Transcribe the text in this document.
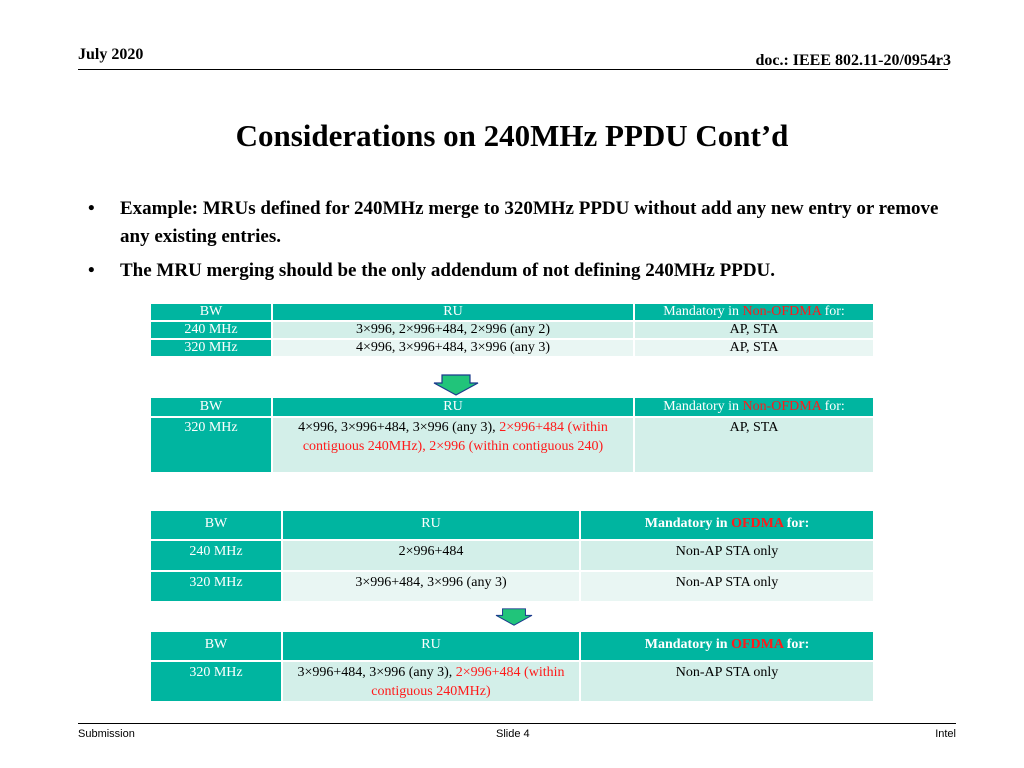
July 2020	doc.: IEEE 802.11-20/0954r3
Considerations on 240MHz PPDU Cont’d
• Example: MRUs defined for 240MHz merge to 320MHz PPDU without add any new entry or remove any existing entries.
• The MRU merging should be the only addendum of not defining 240MHz PPDU.
BW	RU	Mandatory in Non-OFDMA for:
240 MHz	3×996, 2×996+484, 2×996 (any 2)	AP, STA
320 MHz	4×996, 3×996+484, 3×996 (any 3)	AP, STA
BW	RU	Mandatory in Non-OFDMA for:
320 MHz	4×996, 3×996+484, 3×996 (any 3), 2×996+484 (within contiguous 240MHz), 2×996 (within contiguous 240)	AP, STA
BW	RU	Mandatory in OFDMA for:
240 MHz	2×996+484	Non-AP STA only
320 MHz	3×996+484, 3×996 (any 3)	Non-AP STA only
BW	RU	Mandatory in OFDMA for:
320 MHz	3×996+484, 3×996 (any 3), 2×996+484 (within contiguous 240MHz)	Non-AP STA only
Submission	Slide 4	Intel
